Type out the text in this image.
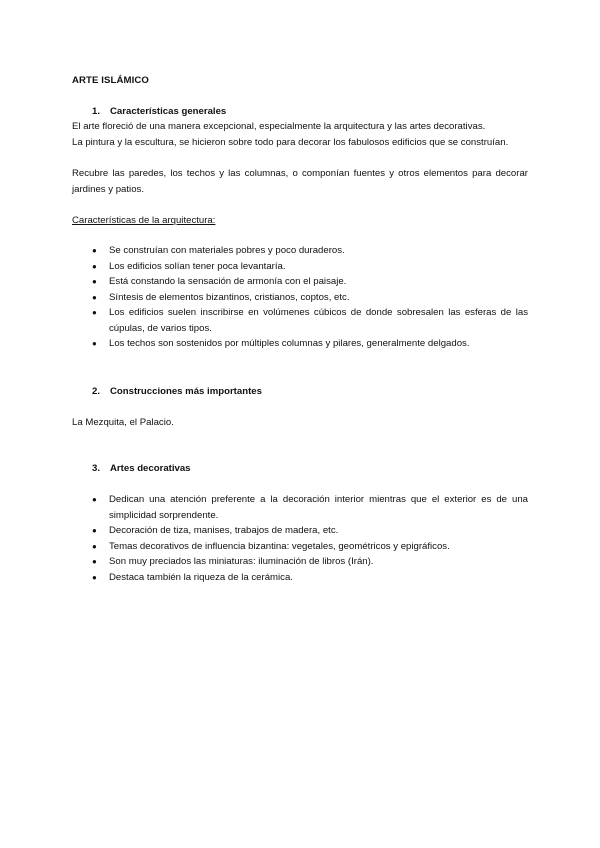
ARTE ISLÁMICO
1.	Características generales
El arte floreció de una manera excepcional, especialmente la arquitectura y las artes decorativas.
La pintura y la escultura, se hicieron sobre todo para decorar los fabulosos edificios que se construían.
Recubre las paredes, los techos y las columnas, o componían fuentes y otros elementos para decorar jardines y patios.
Características de la arquitectura:
● Se construían con materiales pobres y poco duraderos.
● Los edificios solían tener poca levantaría.
● Está constando la sensación de armonía con el paisaje.
● Síntesis de elementos bizantinos, cristianos, coptos, etc.
● Los edificios suelen inscribirse en volúmenes cúbicos de donde sobresalen las esferas de las cúpulas, de varios tipos.
● Los techos son sostenidos por múltiples columnas y pilares, generalmente delgados.
2.	Construcciones más importantes
La Mezquita, el Palacio.
3.	Artes decorativas
● Dedican una atención preferente a la decoración interior mientras que el exterior es de una simplicidad sorprendente.
● Decoración de tiza, manises, trabajos de madera, etc.
● Temas decorativos de influencia bizantina: vegetales, geométricos y epigráficos.
● Son muy preciados las miniaturas: iluminación de libros (Irán).
● Destaca también la riqueza de la cerámica.
